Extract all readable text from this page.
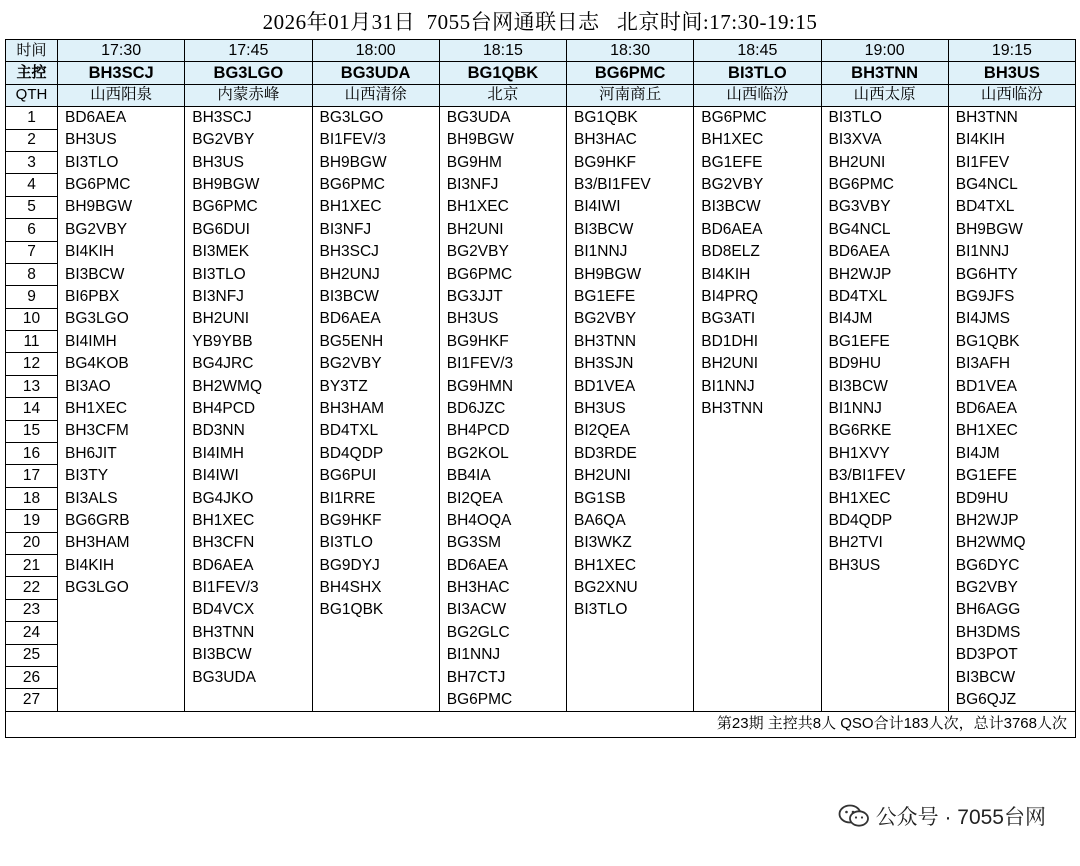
2026年01月31日  7055台网通联日志   北京时间:17:30-19:15
时间	17:30	17:45	18:00	18:15	18:30	18:45	19:00	19:15
主控	BH3SCJ	BG3LGO	BG3UDA	BG1QBK	BG6PMC	BI3TLO	BH3TNN	BH3US
QTH	山西阳泉	内蒙赤峰	山西清徐	北京	河南商丘	山西临汾	山西太原	山西临汾
1	BD6AEA	BH3SCJ	BG3LGO	BG3UDA	BG1QBK	BG6PMC	BI3TLO	BH3TNN
2	BH3US	BG2VBY	BI1FEV/3	BH9BGW	BH3HAC	BH1XEC	BI3XVA	BI4KIH
3	BI3TLO	BH3US	BH9BGW	BG9HM	BG9HKF	BG1EFE	BH2UNI	BI1FEV
4	BG6PMC	BH9BGW	BG6PMC	BI3NFJ	B3/BI1FEV	BG2VBY	BG6PMC	BG4NCL
5	BH9BGW	BG6PMC	BH1XEC	BH1XEC	BI4IWI	BI3BCW	BG3VBY	BD4TXL
6	BG2VBY	BG6DUI	BI3NFJ	BH2UNI	BI3BCW	BD6AEA	BG4NCL	BH9BGW
7	BI4KIH	BI3MEK	BH3SCJ	BG2VBY	BI1NNJ	BD8ELZ	BD6AEA	BI1NNJ
8	BI3BCW	BI3TLO	BH2UNJ	BG6PMC	BH9BGW	BI4KIH	BH2WJP	BG6HTY
9	BI6PBX	BI3NFJ	BI3BCW	BG3JJT	BG1EFE	BI4PRQ	BD4TXL	BG9JFS
10	BG3LGO	BH2UNI	BD6AEA	BH3US	BG2VBY	BG3ATI	BI4JM	BI4JMS
11	BI4IMH	YB9YBB	BG5ENH	BG9HKF	BH3TNN	BD1DHI	BG1EFE	BG1QBK
12	BG4KOB	BG4JRC	BG2VBY	BI1FEV/3	BH3SJN	BH2UNI	BD9HU	BI3AFH
13	BI3AO	BH2WMQ	BY3TZ	BG9HMN	BD1VEA	BI1NNJ	BI3BCW	BD1VEA
14	BH1XEC	BH4PCD	BH3HAM	BD6JZC	BH3US	BH3TNN	BI1NNJ	BD6AEA
15	BH3CFM	BD3NN	BD4TXL	BH4PCD	BI2QEA		BG6RKE	BH1XEC
16	BH6JIT	BI4IMH	BD4QDP	BG2KOL	BD3RDE		BH1XVY	BI4JM
17	BI3TY	BI4IWI	BG6PUI	BB4IA	BH2UNI		B3/BI1FEV	BG1EFE
18	BI3ALS	BG4JKO	BI1RRE	BI2QEA	BG1SB		BH1XEC	BD9HU
19	BG6GRB	BH1XEC	BG9HKF	BH4OQA	BA6QA		BD4QDP	BH2WJP
20	BH3HAM	BH3CFN	BI3TLO	BG3SM	BI3WKZ		BH2TVI	BH2WMQ
21	BI4KIH	BD6AEA	BG9DYJ	BD6AEA	BH1XEC		BH3US	BG6DYC
22	BG3LGO	BI1FEV/3	BH4SHX	BH3HAC	BG2XNU			BG2VBY
23		BD4VCX	BG1QBK	BI3ACW	BI3TLO			BH6AGG
24		BH3TNN		BG2GLC				BH3DMS
25		BI3BCW		BI1NNJ				BD3POT
26		BG3UDA		BH7CTJ				BI3BCW
27				BG6PMC				BG6QJZ
第23期 主控共8人 QSO合计183人次，总计3768人次								
公众号 · 7055台网
